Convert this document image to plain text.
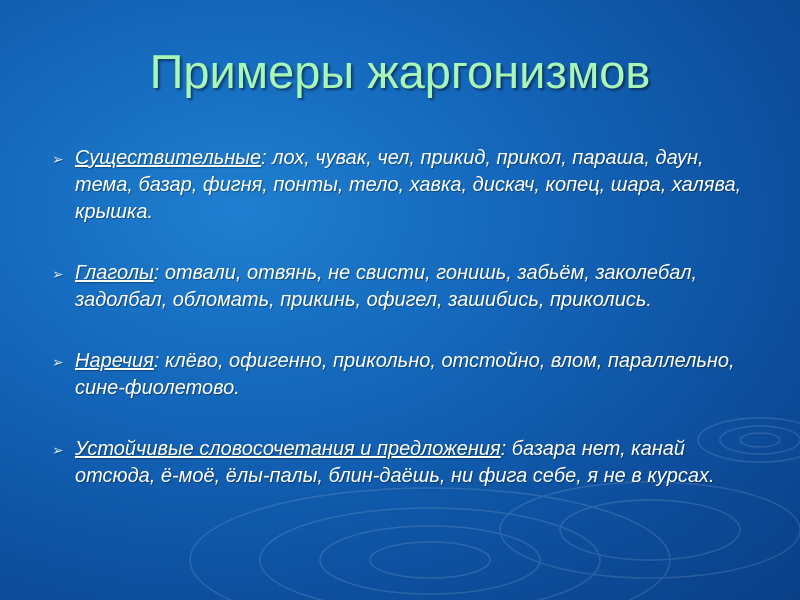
Примеры жаргонизмов
➢ Существительные: лох, чувак, чел, прикид, прикол, параша, даун, тема, базар, фигня, понты, тело, хавка, дискач, копец, шара, халява, крышка.
➢ Глаголы: отвали, отвянь, не свисти, гонишь, забьём, заколебал, задолбал, обломать, прикинь, офигел, зашибись, приколись.
➢ Наречия: клёво, офигенно, прикольно, отстойно, влом, параллельно, сине-фиолетово.
➢ Устойчивые словосочетания и предложения: базара нет, канай отсюда, ё-моё, ёлы-палы, блин-даёшь, ни фига себе, я не в курсах.
